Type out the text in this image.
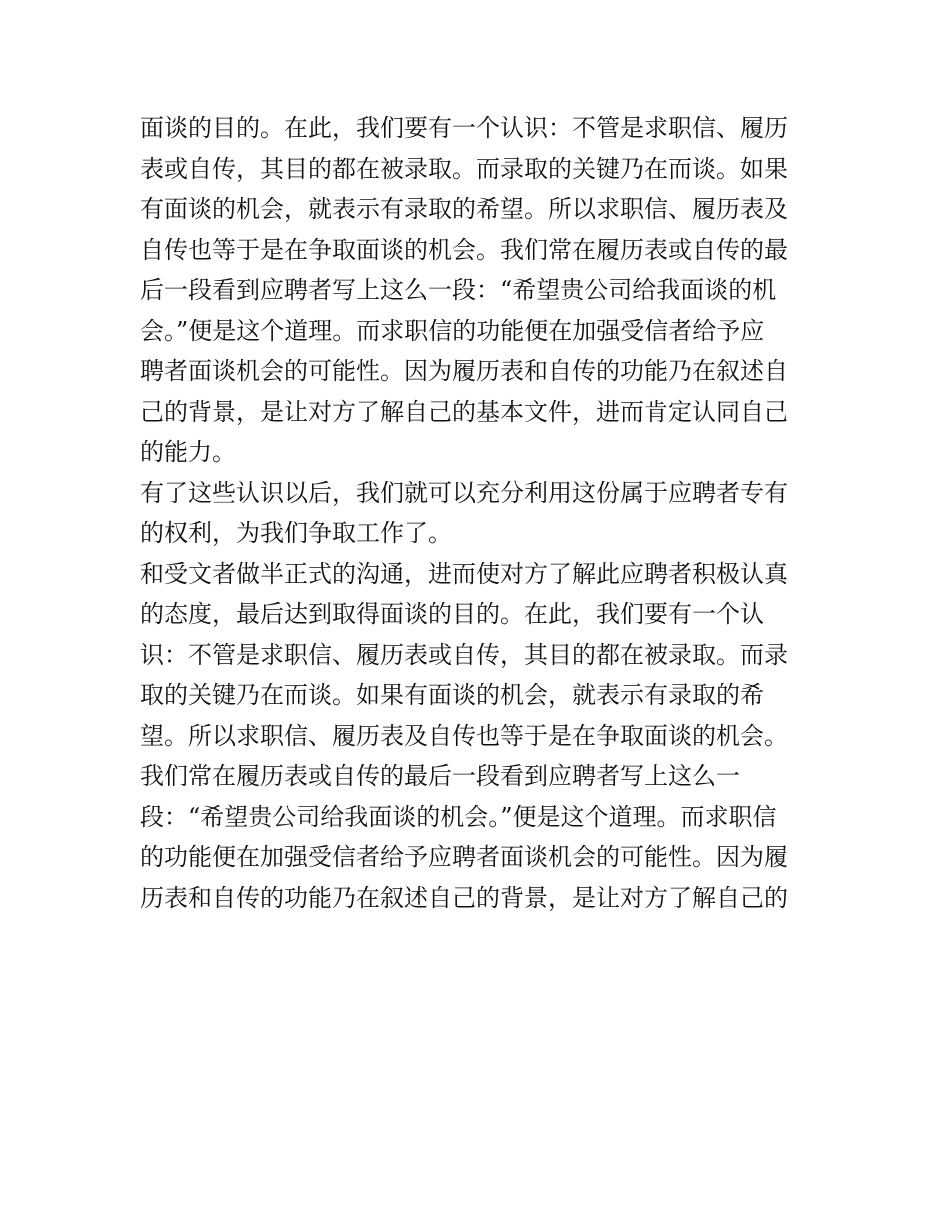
面谈的目的。在此，我们要有一个认识：不管是求职信、履历
表或自传，其目的都在被录取。而录取的关键乃在而谈。如果
有面谈的机会，就表示有录取的希望。所以求职信、履历表及
自传也等于是在争取面谈的机会。我们常在履历表或自传的最
后一段看到应聘者写上这么一段：“希望贵公司给我面谈的机
会。”便是这个道理。而求职信的功能便在加强受信者给予应
聘者面谈机会的可能性。因为履历表和自传的功能乃在叙述自
己的背景，是让对方了解自己的基本文件，进而肯定认同自己
的能力。
有了这些认识以后，我们就可以充分利用这份属于应聘者专有
的权利，为我们争取工作了。
和受文者做半正式的沟通，进而使对方了解此应聘者积极认真
的态度，最后达到取得面谈的目的。在此，我们要有一个认
识：不管是求职信、履历表或自传，其目的都在被录取。而录
取的关键乃在而谈。如果有面谈的机会，就表示有录取的希
望。所以求职信、履历表及自传也等于是在争取面谈的机会。
我们常在履历表或自传的最后一段看到应聘者写上这么一
段：“希望贵公司给我面谈的机会。”便是这个道理。而求职信
的功能便在加强受信者给予应聘者面谈机会的可能性。因为履
历表和自传的功能乃在叙述自己的背景，是让对方了解自己的
